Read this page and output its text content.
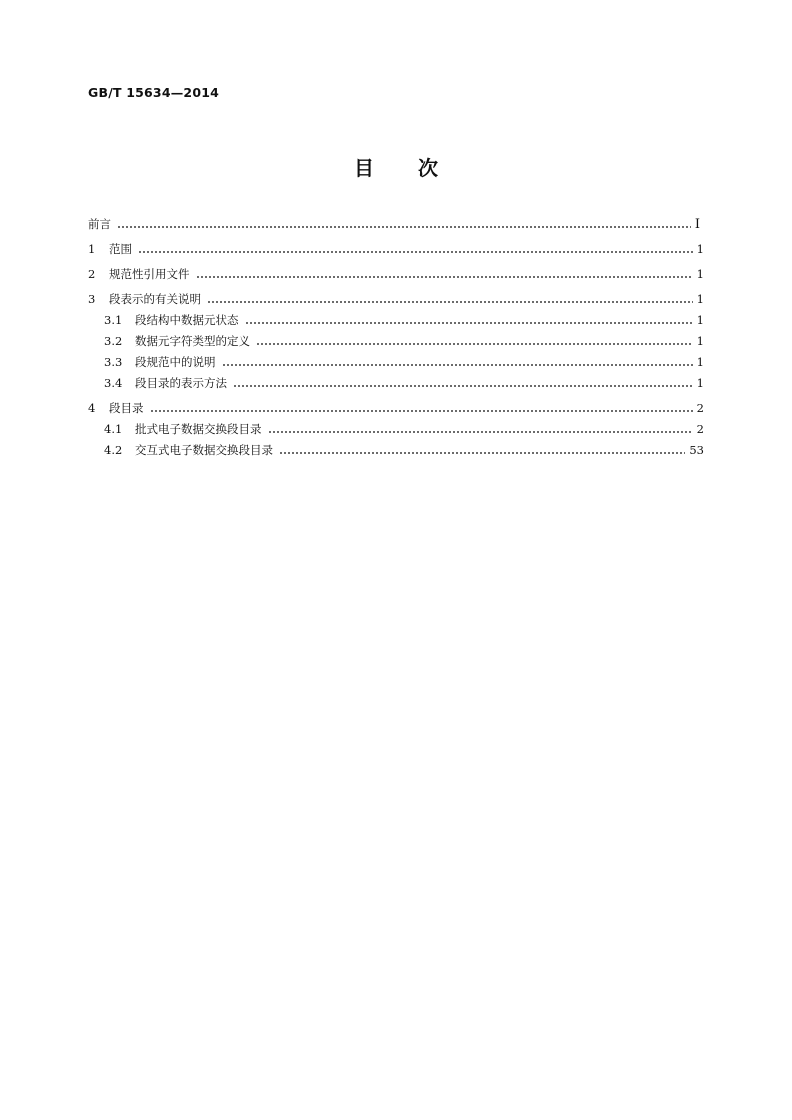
GB/T 15634—2014
目 次
前言	Ⅰ
1	范围	1
2	规范性引用文件	1
3	段表示的有关说明	1
3.1	段结构中数据元状态	1
3.2	数据元字符类型的定义	1
3.3	段规范中的说明	1
3.4	段目录的表示方法	1
4	段目录	2
4.1	批式电子数据交换段目录	2
4.2	交互式电子数据交换段目录	53
